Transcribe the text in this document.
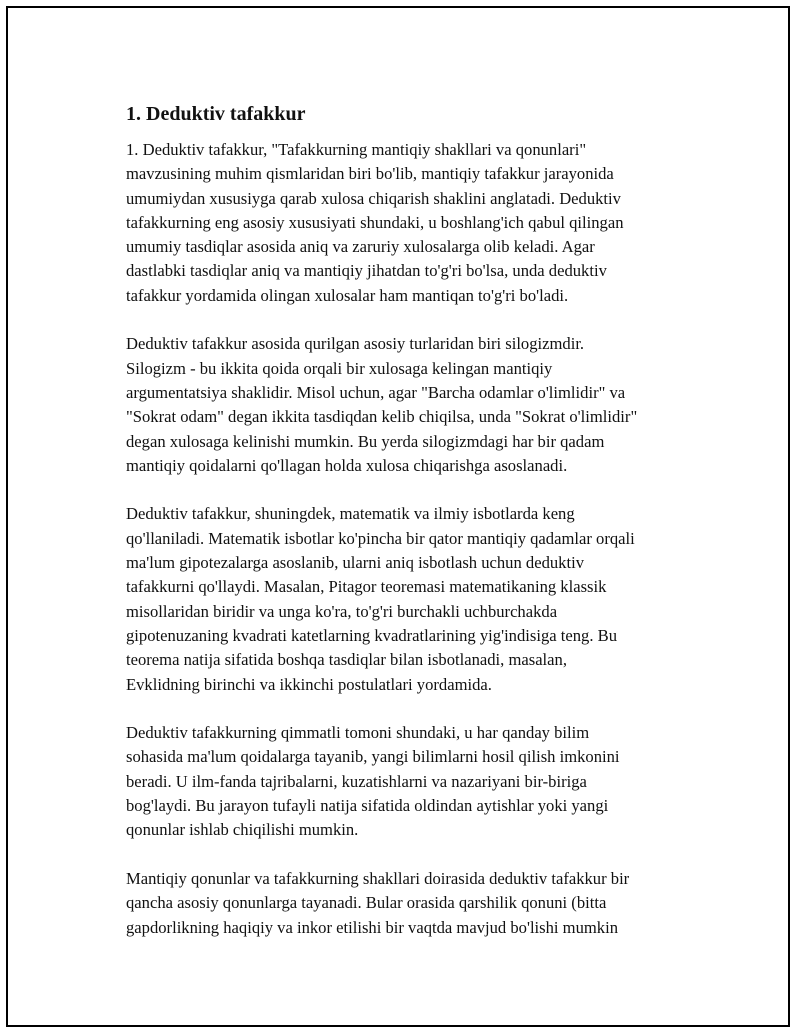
1. Deduktiv tafakkur

1. Deduktiv tafakkur, "Tafakkurning mantiqiy shakllari va qonunlari"
mavzusining muhim qismlaridan biri bo'lib, mantiqiy tafakkur jarayonida
umumiydan xususiyga qarab xulosa chiqarish shaklini anglatadi. Deduktiv
tafakkurning eng asosiy xususiyati shundaki, u boshlang'ich qabul qilingan
umumiy tasdiqlar asosida aniq va zaruriy xulosalarga olib keladi. Agar
dastlabki tasdiqlar aniq va mantiqiy jihatdan to'g'ri bo'lsa, unda deduktiv
tafakkur yordamida olingan xulosalar ham mantiqan to'g'ri bo'ladi.

Deduktiv tafakkur asosida qurilgan asosiy turlaridan biri silogizmdir.
Silogizm - bu ikkita qoida orqali bir xulosaga kelingan mantiqiy
argumentatsiya shaklidir. Misol uchun, agar "Barcha odamlar o'limlidir" va
"Sokrat odam" degan ikkita tasdiqdan kelib chiqilsa, unda "Sokrat o'limlidir"
degan xulosaga kelinishi mumkin. Bu yerda silogizmdagi har bir qadam
mantiqiy qoidalarni qo'llagan holda xulosa chiqarishga asoslanadi.

Deduktiv tafakkur, shuningdek, matematik va ilmiy isbotlarda keng
qo'llaniladi. Matematik isbotlar ko'pincha bir qator mantiqiy qadamlar orqali
ma'lum gipotezalarga asoslanib, ularni aniq isbotlash uchun deduktiv
tafakkurni qo'llaydi. Masalan, Pitagor teoremasi matematikaning klassik
misollaridan biridir va unga ko'ra, to'g'ri burchakli uchburchakda
gipotenuzaning kvadrati katetlarning kvadratlarining yig'indisiga teng. Bu
teorema natija sifatida boshqa tasdiqlar bilan isbotlanadi, masalan,
Evklidning birinchi va ikkinchi postulatlari yordamida.

Deduktiv tafakkurning qimmatli tomoni shundaki, u har qanday bilim
sohasida ma'lum qoidalarga tayanib, yangi bilimlarni hosil qilish imkonini
beradi. U ilm-fanda tajribalarni, kuzatishlarni va nazariyani bir-biriga
bog'laydi. Bu jarayon tufayli natija sifatida oldindan aytishlar yoki yangi
qonunlar ishlab chiqilishi mumkin.

Mantiqiy qonunlar va tafakkurning shakllari doirasida deduktiv tafakkur bir
qancha asosiy qonunlarga tayanadi. Bular orasida qarshilik qonuni (bitta
gapdorlikning haqiqiy va inkor etilishi bir vaqtda mavjud bo'lishi mumkin
